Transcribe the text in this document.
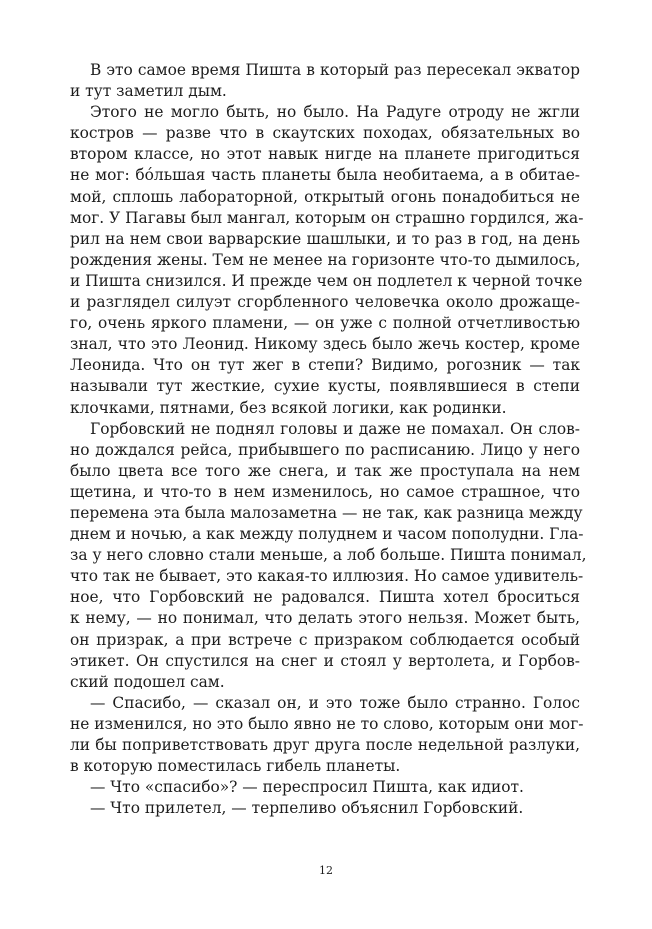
В это самое время Пишта в который раз пересекал экватор
и тут заметил дым.
Этого не могло быть, но было. На Радуге отроду не жгли
костров — разве что в скаутских походах, обязательных во
втором классе, но этот навык нигде на планете пригодиться
не мог: бóльшая часть планеты была необитаема, а в обитае-
мой, сплошь лабораторной, открытый огонь понадобиться не
мог. У Пагавы был мангал, которым он страшно гордился, жа-
рил на нем свои варварские шашлыки, и то раз в год, на день
рождения жены. Тем не менее на горизонте что-то дымилось,
и Пишта снизился. И прежде чем он подлетел к черной точке
и разглядел силуэт сгорбленного человечка около дрожаще-
го, очень яркого пламени, — он уже с полной отчетливостью
знал, что это Леонид. Никому здесь было жечь костер, кроме
Леонида. Что он тут жег в степи? Видимо, рогозник — так
называли тут жесткие, сухие кусты, появлявшиеся в степи
клочками, пятнами, без всякой логики, как родинки.
Горбовский не поднял головы и даже не помахал. Он слов-
но дождался рейса, прибывшего по расписанию. Лицо у него
было цвета все того же снега, и так же проступала на нем
щетина, и что-то в нем изменилось, но самое страшное, что
перемена эта была малозаметна — не так, как разница между
днем и ночью, а как между полуднем и часом пополудни. Гла-
за у него словно стали меньше, а лоб больше. Пишта понимал,
что так не бывает, это какая-то иллюзия. Но самое удивитель-
ное, что Горбовский не радовался. Пишта хотел броситься
к нему, — но понимал, что делать этого нельзя. Может быть,
он призрак, а при встрече с призраком соблюдается особый
этикет. Он спустился на снег и стоял у вертолета, и Горбов-
ский подошел сам.
— Спасибо, — сказал он, и это тоже было странно. Голос
не изменился, но это было явно не то слово, которым они мог-
ли бы поприветствовать друг друга после недельной разлуки,
в которую поместилась гибель планеты.
— Что «спасибо»? — переспросил Пишта, как идиот.
— Что прилетел, — терпеливо объяснил Горбовский.
12
